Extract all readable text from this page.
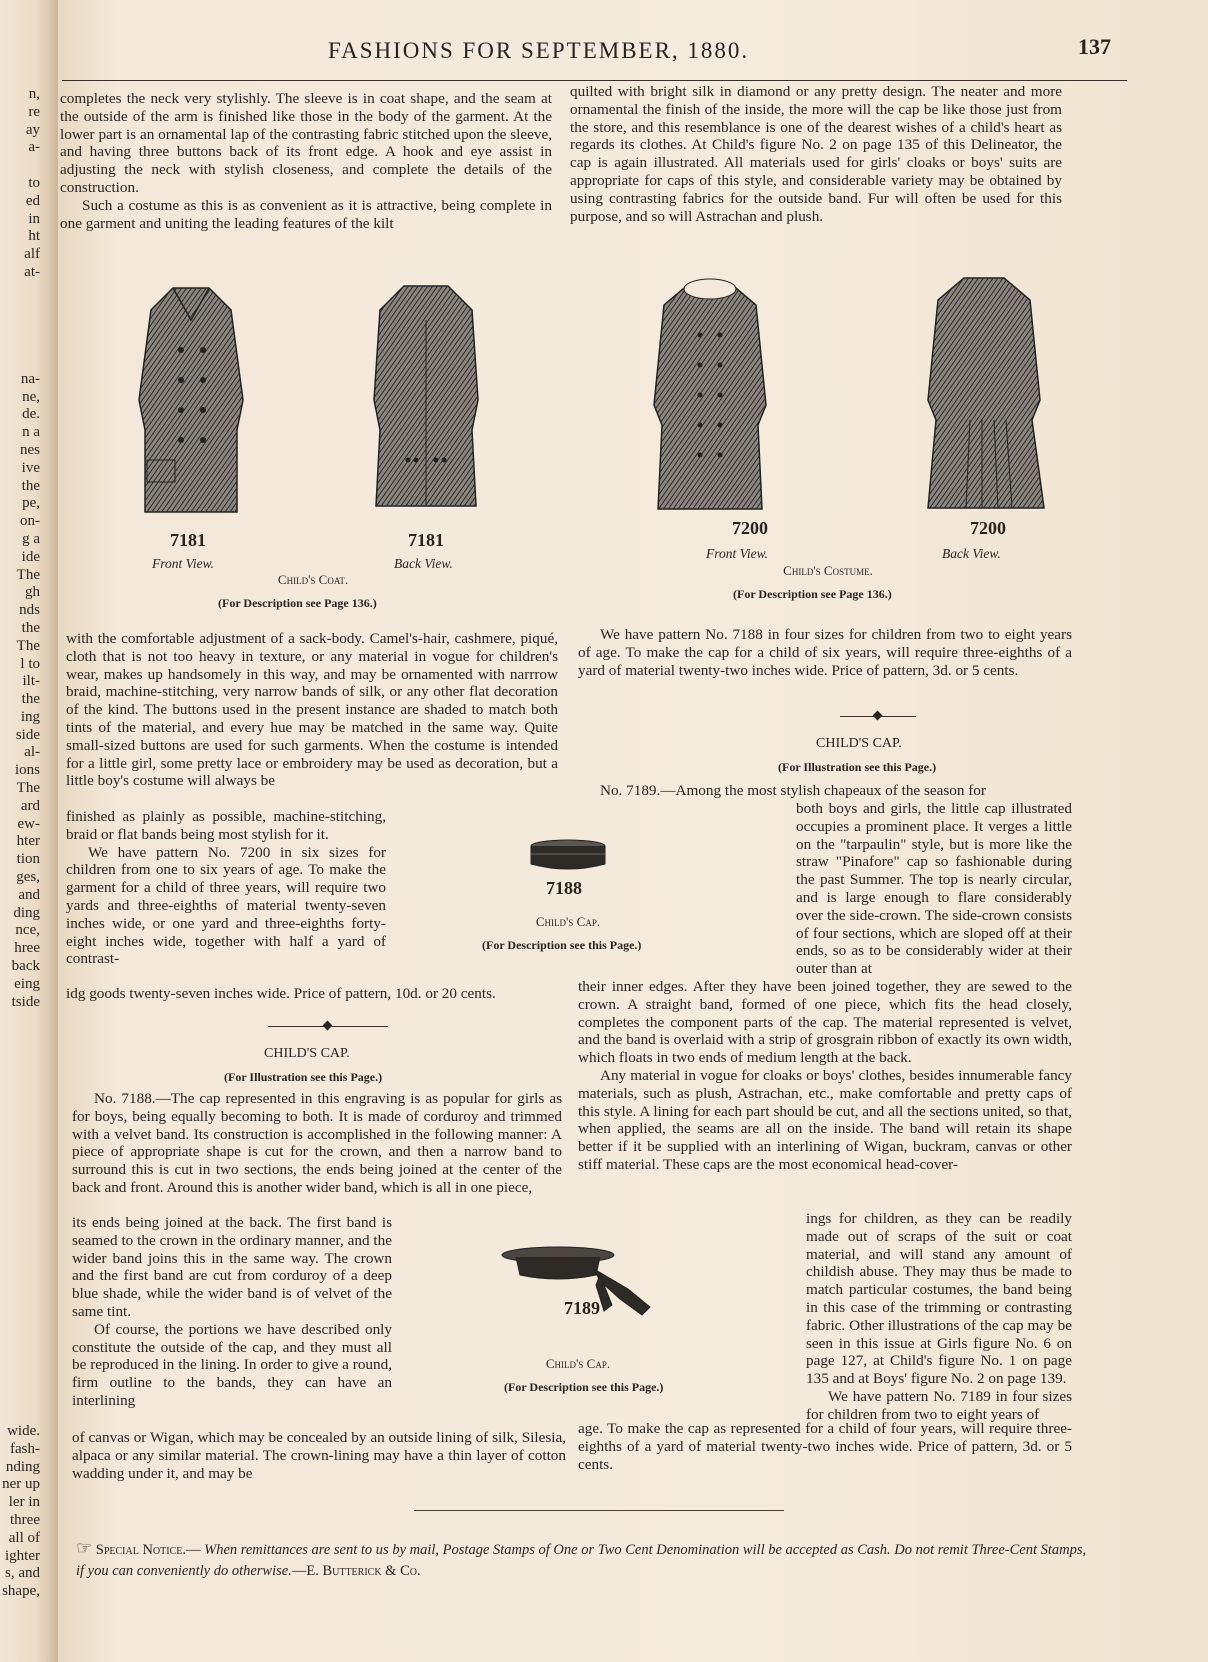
n,
re
ay
a-

to
ed
in
ht
alf
at-

na-
ne,
de.
n a
nes
ive
the
pe,
on-
g a
ide
The
gh
nds
the
The
l to
ilt-
the
ing
side
al-
ions
The
ard
ew-
hter
tion
ges,
and
ding
nce,
hree
back
eing
tside
wide.
fash-
nding
ner up
ler in
three
all of
ighter
s, and
shape,
FASHIONS FOR SEPTEMBER, 1880.	137

completes the neck very stylishly. The sleeve is in coat shape, and the seam at the outside of the arm is finished like those in the body of the garment. At the lower part is an ornamental lap of the contrasting fabric stitched upon the sleeve, and having three buttons back of its front edge. A hook and eye assist in adjusting the neck with stylish closeness, and complete the details of the construction.

Such a costume as this is as convenient as it is attractive, being complete in one garment and uniting the leading features of the kilt

quilted with bright silk in diamond or any pretty design. The neater and more ornamental the finish of the inside, the more will the cap be like those just from the store, and this resemblance is one of the dearest wishes of a child's heart as regards its clothes. At Child's figure No. 2 on page 135 of this Delineator, the cap is again illustrated. All materials used for girls' cloaks or boys' suits are appropriate for caps of this style, and considerable variety may be obtained by using contrasting fabrics for the outside band. Fur will often be used for this purpose, and so will Astrachan and plush.

7181
Front View.
7181
Back View.
Child's Coat.
(For Description see Page 136.)
7200
Front View.
7200
Back View.
Child's Costume.
(For Description see Page 136.)

with the comfortable adjustment of a sack-body. Camel's-hair, cashmere, piqué, cloth that is not too heavy in texture, or any material in vogue for children's wear, makes up handsomely in this way, and may be ornamented with narrrow braid, machine-stitching, very narrow bands of silk, or any other flat decoration of the kind. The buttons used in the present instance are shaded to match both tints of the material, and every hue may be matched in the same way. Quite small-sized buttons are used for such garments. When the costume is intended for a little girl, some pretty lace or embroidery may be used as decoration, but a little boy's costume will always be

finished as plainly as possible, machine-stitching, braid or flat bands being most stylish for it.

We have pattern No. 7200 in six sizes for children from one to six years of age. To make the garment for a child of three years, will require two yards and three-eighths of material twenty-seven inches wide, or one yard and three-eighths forty-eight inches wide, together with half a yard of contrast-

idg goods twenty-seven inches wide. Price of pattern, 10d. or 20 cents.

7188
Child's Cap.
(For Description see this Page.)
CHILD'S CAP.
(For Illustration see this Page.)

No. 7188.—The cap represented in this engraving is as popular for girls as for boys, being equally becoming to both. It is made of corduroy and trimmed with a velvet band. Its construction is accomplished in the following manner: A piece of appropriate shape is cut for the crown, and then a narrow band to surround this is cut in two sections, the ends being joined at the center of the back and front. Around this is another wider band, which is all in one piece,

its ends being joined at the back. The first band is seamed to the crown in the ordinary manner, and the wider band joins this in the same way. The crown and the first band are cut from corduroy of a deep blue shade, while the wider band is of velvet of the same tint.

Of course, the portions we have described only constitute the outside of the cap, and they must all be reproduced in the lining. In order to give a round, firm outline to the bands, they can have an interlining

of canvas or Wigan, which may be concealed by an outside lining of silk, Silesia, alpaca or any similar material. The crown-lining may have a thin layer of cotton wadding under it, and may be

We have pattern No. 7188 in four sizes for children from two to eight years of age. To make the cap for a child of six years, will require three-eighths of a yard of material twenty-two inches wide. Price of pattern, 3d. or 5 cents.

CHILD'S CAP.
(For Illustration see this Page.)

No. 7189.—Among the most stylish chapeaux of the season for

both boys and girls, the little cap illustrated occupies a prominent place. It verges a little on the "tarpaulin" style, but is more like the straw "Pinafore" cap so fashionable during the past Summer. The top is nearly circular, and is large enough to flare considerably over the side-crown. The side-crown consists of four sections, which are sloped off at their ends, so as to be considerably wider at their outer than at

their inner edges. After they have been joined together, they are sewed to the crown. A straight band, formed of one piece, which fits the head closely, completes the component parts of the cap. The material represented is velvet, and the band is overlaid with a strip of grosgrain ribbon of exactly its own width, which floats in two ends of medium length at the back.

Any material in vogue for cloaks or boys' clothes, besides innumerable fancy materials, such as plush, Astrachan, etc., make comfortable and pretty caps of this style. A lining for each part should be cut, and all the sections united, so that, when applied, the seams are all on the inside. The band will retain its shape better if it be supplied with an interlining of Wigan, buckram, canvas or other stiff material. These caps are the most economical head-cover-

ings for children, as they can be readily made out of scraps of the suit or coat material, and will stand any amount of childish abuse. They may thus be made to match particular costumes, the band being in this case of the trimming or contrasting fabric. Other illustrations of the cap may be seen in this issue at Girls figure No. 6 on page 127, at Child's figure No. 1 on page 135 and at Boys' figure No. 2 on page 139.

We have pattern No. 7189 in four sizes for children from two to eight years of

age. To make the cap as represented for a child of four years, will require three-eighths of a yard of material twenty-two inches wide. Price of pattern, 3d. or 5 cents.

7189
Child's Cap.
(For Description see this Page.)
☞ Special Notice.— When remittances are sent to us by mail, Postage Stamps of One or Two Cent Denomination will be accepted as Cash. Do not remit Three-Cent Stamps, if you can conveniently do otherwise.—E. Butterick & Co.
